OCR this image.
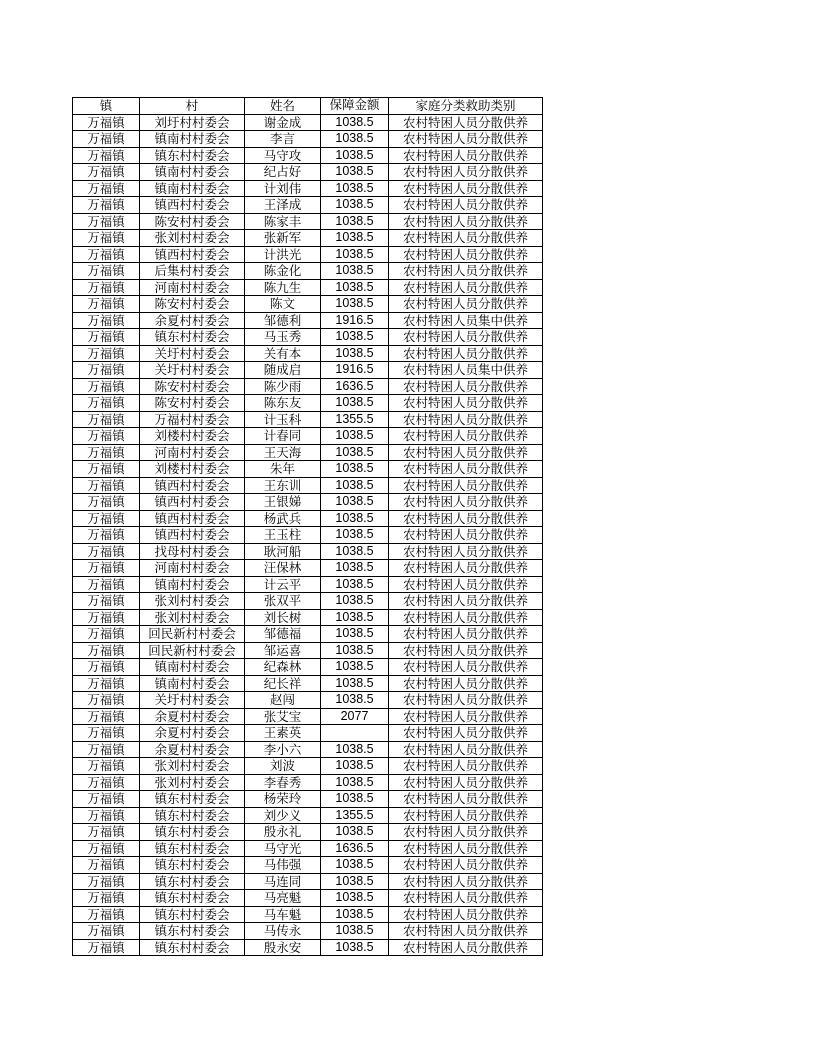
镇	村	姓名	保障金额	家庭分类救助类别
万福镇	刘圩村村委会	谢金成	1038.5	农村特困人员分散供养
万福镇	镇南村村委会	李言	1038.5	农村特困人员分散供养
万福镇	镇东村村委会	马守攻	1038.5	农村特困人员分散供养
万福镇	镇南村村委会	纪占好	1038.5	农村特困人员分散供养
万福镇	镇南村村委会	计刘伟	1038.5	农村特困人员分散供养
万福镇	镇西村村委会	王泽成	1038.5	农村特困人员分散供养
万福镇	陈安村村委会	陈家丰	1038.5	农村特困人员分散供养
万福镇	张刘村村委会	张新军	1038.5	农村特困人员分散供养
万福镇	镇西村村委会	计洪光	1038.5	农村特困人员分散供养
万福镇	后集村村委会	陈金化	1038.5	农村特困人员分散供养
万福镇	河南村村委会	陈九生	1038.5	农村特困人员分散供养
万福镇	陈安村村委会	陈文	1038.5	农村特困人员分散供养
万福镇	余夏村村委会	邹德利	1916.5	农村特困人员集中供养
万福镇	镇东村村委会	马玉秀	1038.5	农村特困人员分散供养
万福镇	关圩村村委会	关有本	1038.5	农村特困人员分散供养
万福镇	关圩村村委会	随成启	1916.5	农村特困人员集中供养
万福镇	陈安村村委会	陈少雨	1636.5	农村特困人员分散供养
万福镇	陈安村村委会	陈东友	1038.5	农村特困人员分散供养
万福镇	万福村村委会	计玉科	1355.5	农村特困人员分散供养
万福镇	刘楼村村委会	计春同	1038.5	农村特困人员分散供养
万福镇	河南村村委会	王天海	1038.5	农村特困人员分散供养
万福镇	刘楼村村委会	朱年	1038.5	农村特困人员分散供养
万福镇	镇西村村委会	王东训	1038.5	农村特困人员分散供养
万福镇	镇西村村委会	王银娣	1038.5	农村特困人员分散供养
万福镇	镇西村村委会	杨武兵	1038.5	农村特困人员分散供养
万福镇	镇西村村委会	王玉柱	1038.5	农村特困人员分散供养
万福镇	找母村村委会	耿河船	1038.5	农村特困人员分散供养
万福镇	河南村村委会	汪保林	1038.5	农村特困人员分散供养
万福镇	镇南村村委会	计云平	1038.5	农村特困人员分散供养
万福镇	张刘村村委会	张双平	1038.5	农村特困人员分散供养
万福镇	张刘村村委会	刘长树	1038.5	农村特困人员分散供养
万福镇	回民新村村委会	邹德福	1038.5	农村特困人员分散供养
万福镇	回民新村村委会	邹运喜	1038.5	农村特困人员分散供养
万福镇	镇南村村委会	纪森林	1038.5	农村特困人员分散供养
万福镇	镇南村村委会	纪长祥	1038.5	农村特困人员分散供养
万福镇	关圩村村委会	赵闯	1038.5	农村特困人员分散供养
万福镇	余夏村村委会	张艾宝	2077	农村特困人员分散供养
万福镇	余夏村村委会	王素英		农村特困人员分散供养
万福镇	余夏村村委会	李小六	1038.5	农村特困人员分散供养
万福镇	张刘村村委会	刘波	1038.5	农村特困人员分散供养
万福镇	张刘村村委会	李春秀	1038.5	农村特困人员分散供养
万福镇	镇东村村委会	杨荣玲	1038.5	农村特困人员分散供养
万福镇	镇东村村委会	刘少义	1355.5	农村特困人员分散供养
万福镇	镇东村村委会	殷永礼	1038.5	农村特困人员分散供养
万福镇	镇东村村委会	马守光	1636.5	农村特困人员分散供养
万福镇	镇东村村委会	马伟强	1038.5	农村特困人员分散供养
万福镇	镇东村村委会	马连同	1038.5	农村特困人员分散供养
万福镇	镇东村村委会	马亮魁	1038.5	农村特困人员分散供养
万福镇	镇东村村委会	马车魁	1038.5	农村特困人员分散供养
万福镇	镇东村村委会	马传永	1038.5	农村特困人员分散供养
万福镇	镇东村村委会	殷永安	1038.5	农村特困人员分散供养
